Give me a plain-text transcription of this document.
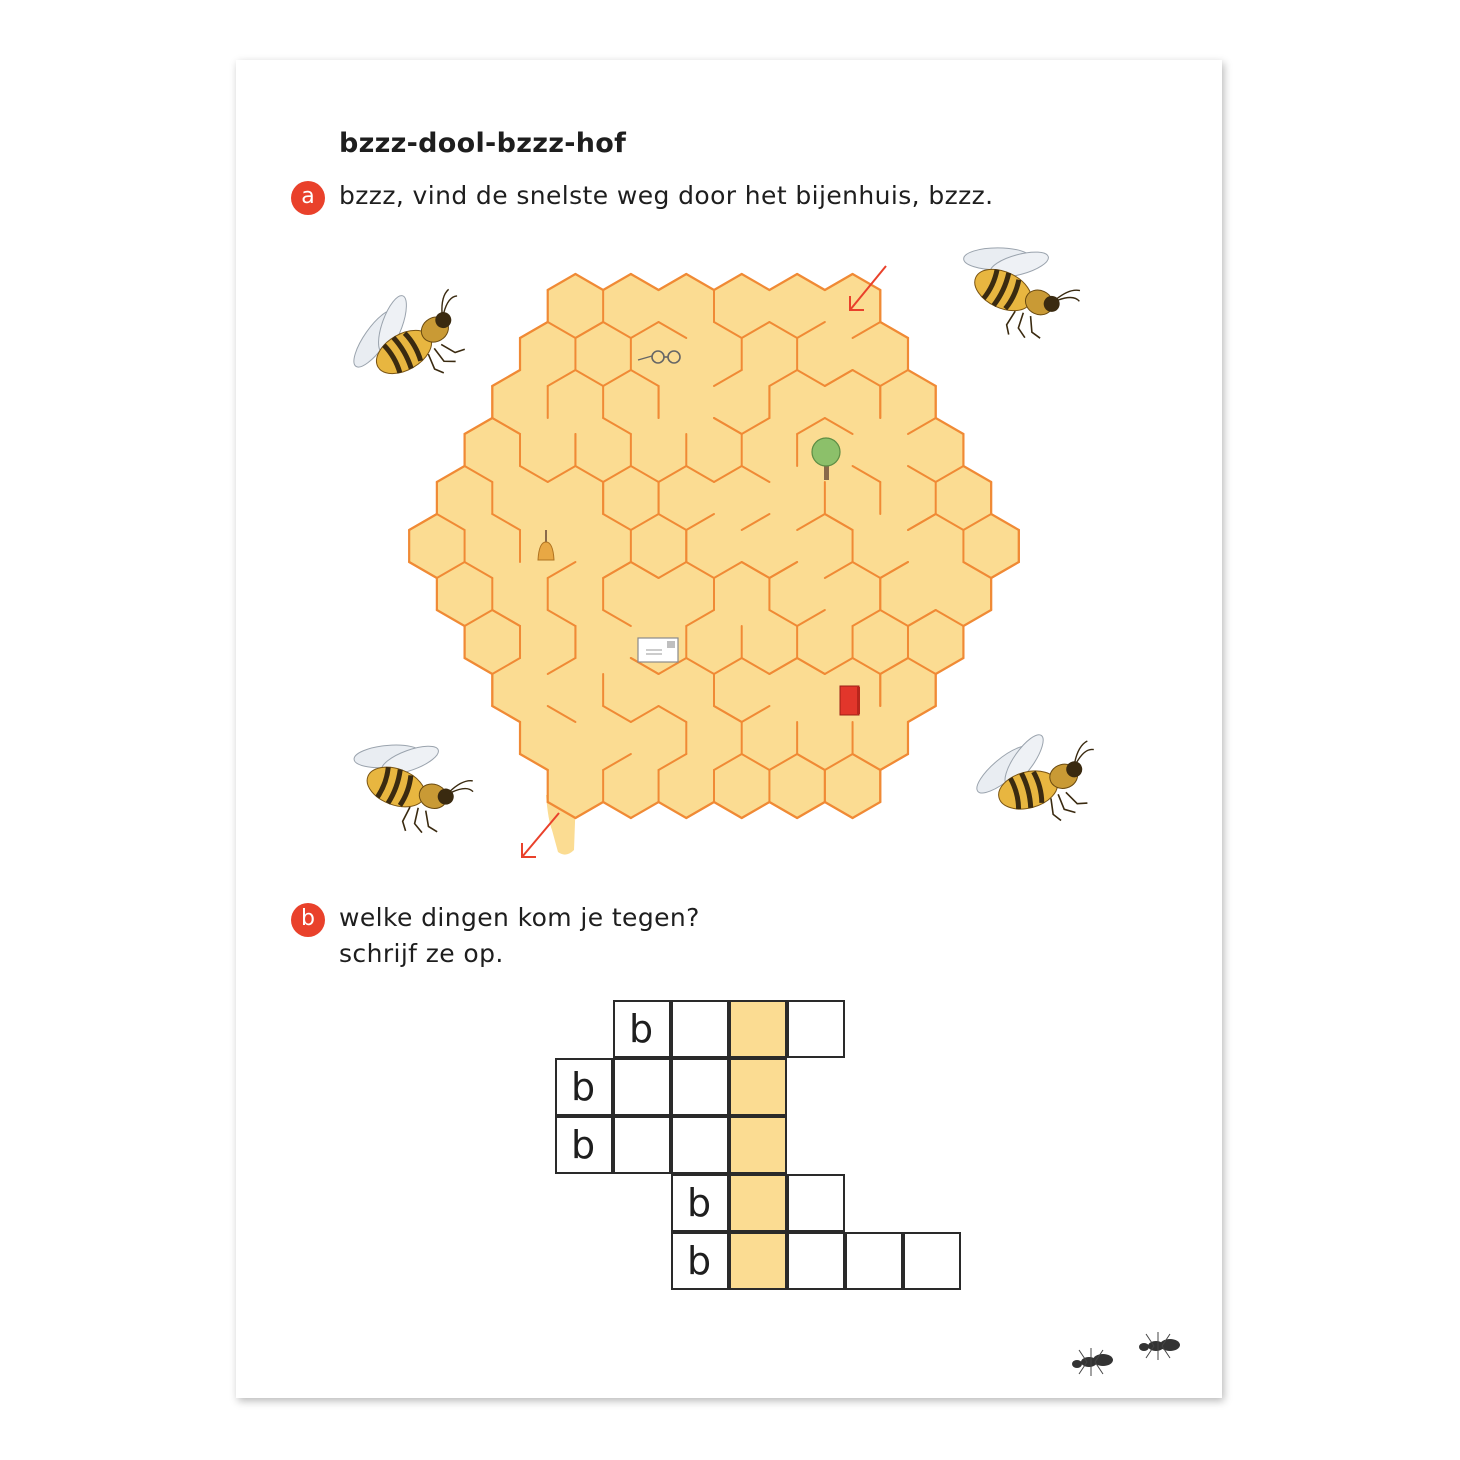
bzzz-dool-bzzz-hof
a bzzz, vind de snelste weg door het bijenhuis, bzzz.
b welke dingen kom je tegen?
schrijf ze op.
b
b
b
b
b
